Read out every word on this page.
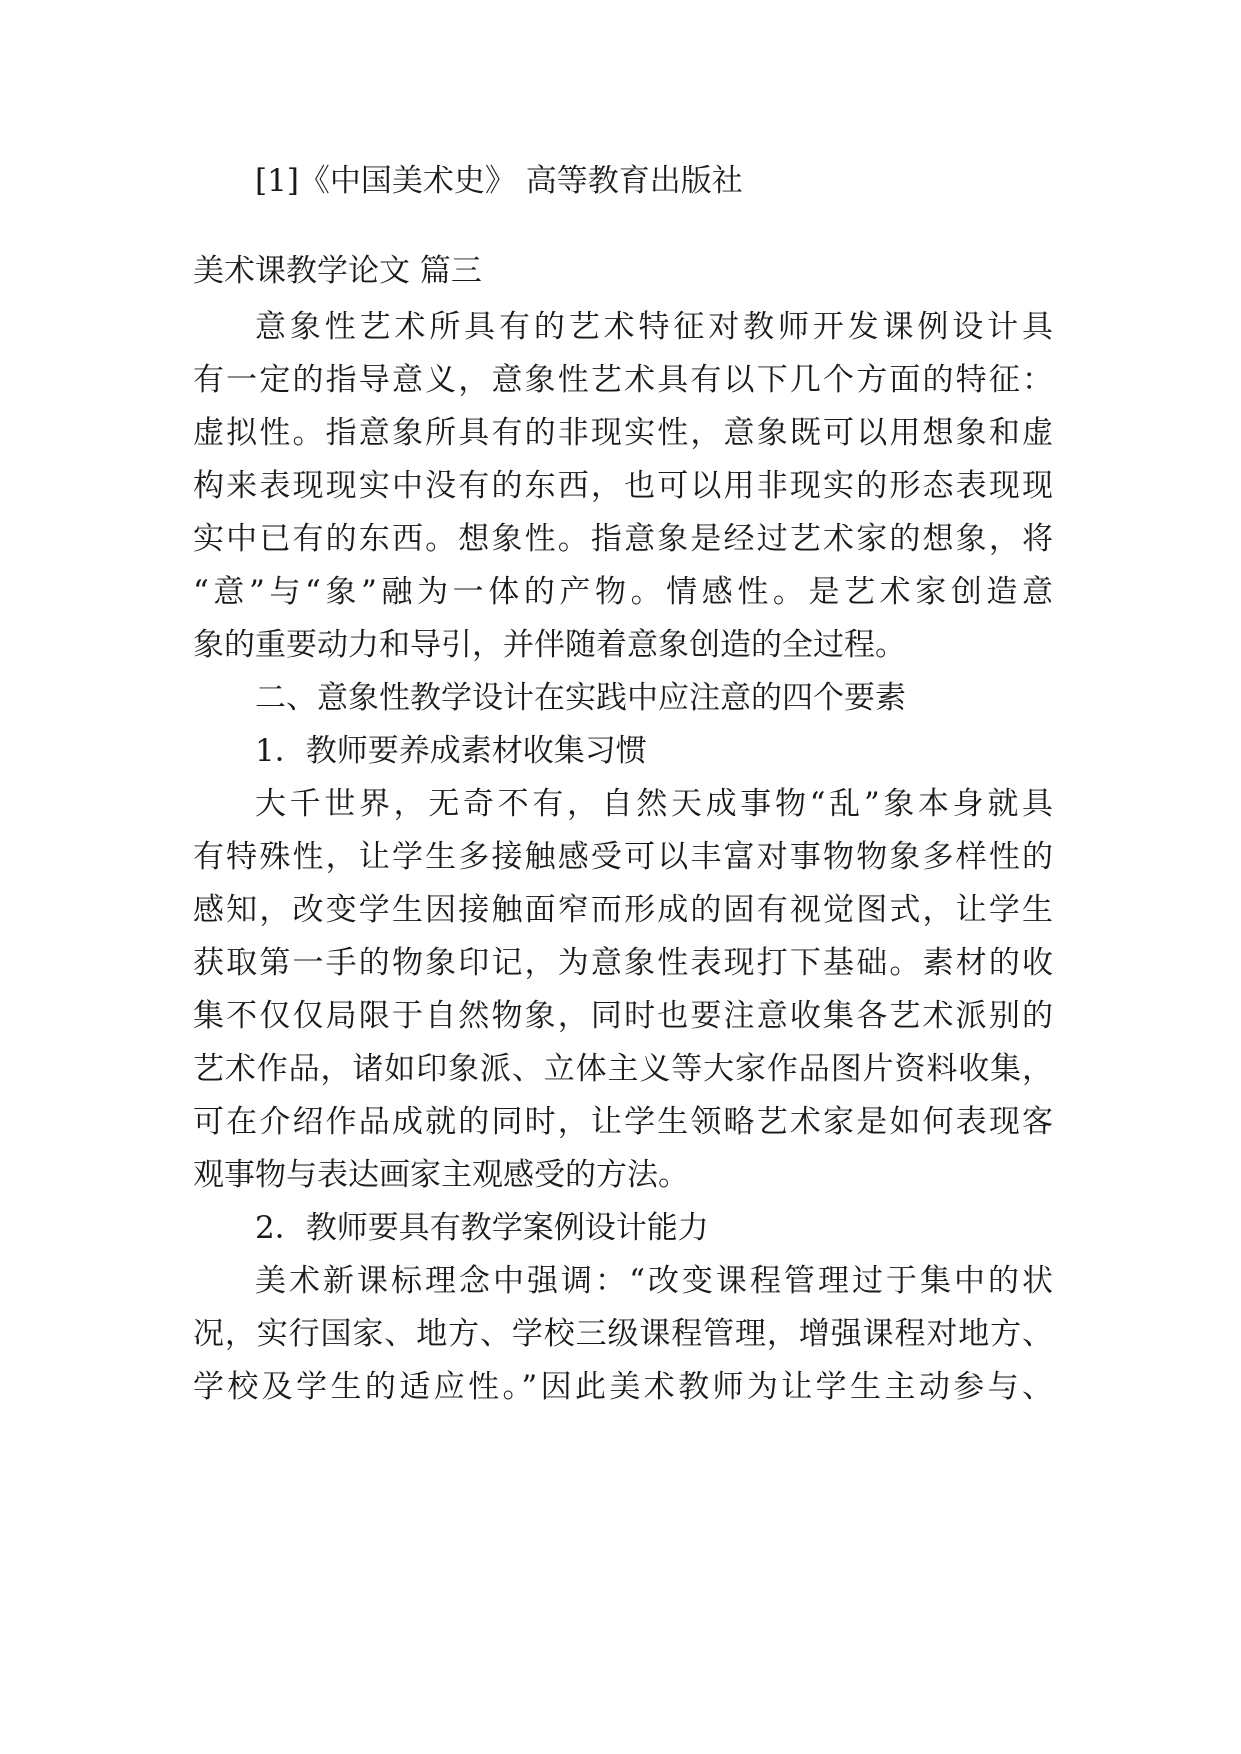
[1]《中国美术史》 高等教育出版社
美术课教学论文 篇三
意象性艺术所具有的艺术特征对教师开发课例设计具
有一定的指导意义，意象性艺术具有以下几个方面的特征：
虚拟性。指意象所具有的非现实性，意象既可以用想象和虚
构来表现现实中没有的东西，也可以用非现实的形态表现现
实中已有的东西。想象性。指意象是经过艺术家的想象，将
“意”与“象”融为一体的产物。情感性。是艺术家创造意
象的重要动力和导引，并伴随着意象创造的全过程。
二、意象性教学设计在实践中应注意的四个要素
1．教师要养成素材收集习惯
大千世界，无奇不有，自然天成事物“乱”象本身就具
有特殊性，让学生多接触感受可以丰富对事物物象多样性的
感知，改变学生因接触面窄而形成的固有视觉图式，让学生
获取第一手的物象印记，为意象性表现打下基础。素材的收
集不仅仅局限于自然物象，同时也要注意收集各艺术派别的
艺术作品，诸如印象派、立体主义等大家作品图片资料收集，
可在介绍作品成就的同时，让学生领略艺术家是如何表现客
观事物与表达画家主观感受的方法。
2．教师要具有教学案例设计能力
美术新课标理念中强调：“改变课程管理过于集中的状
况，实行国家、地方、学校三级课程管理，增强课程对地方、
学校及学生的适应性。”因此美术教师为让学生主动参与、
